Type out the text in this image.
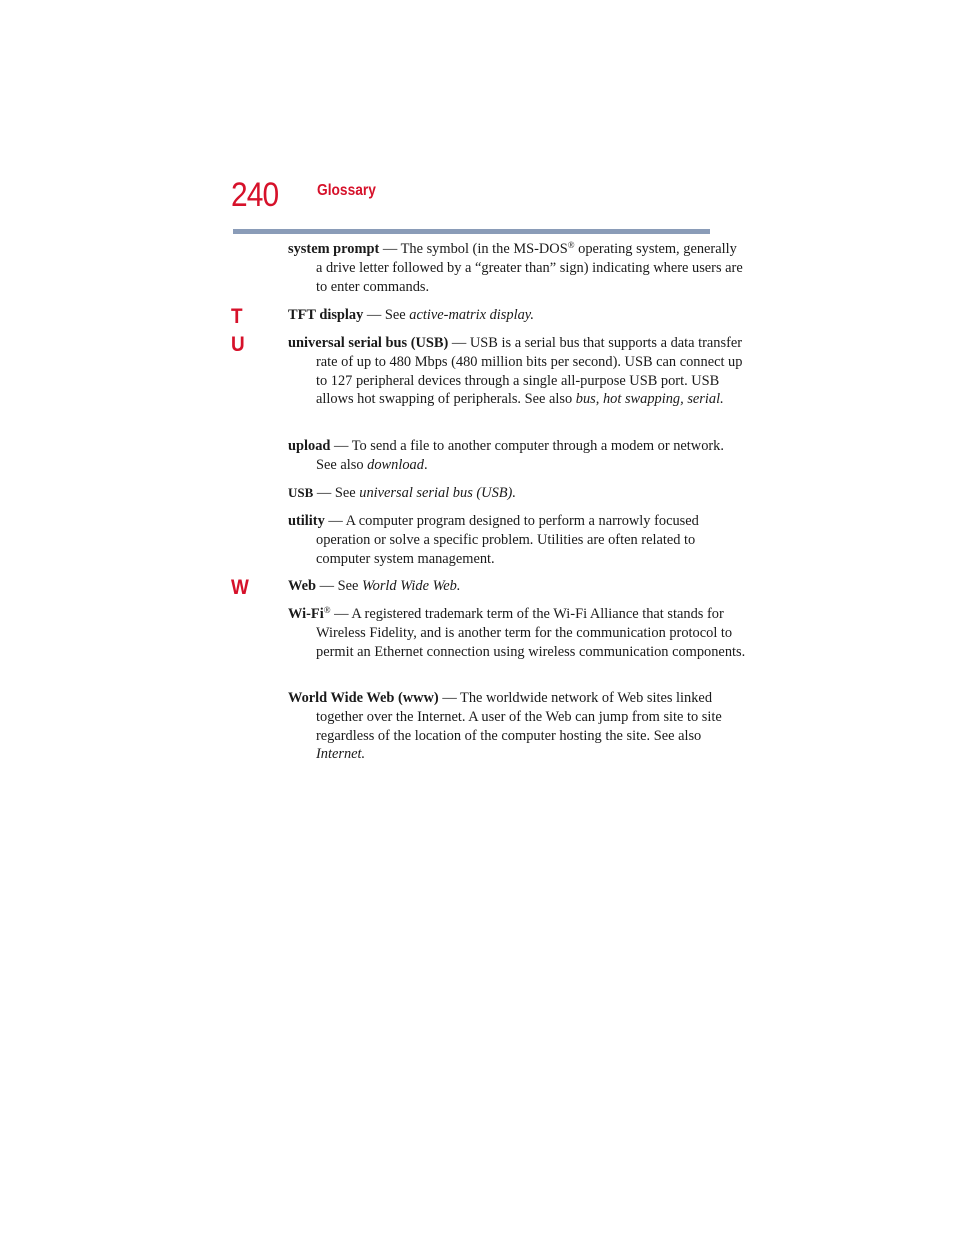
240 Glossary
system prompt — The symbol (in the MS-DOS® operating system, generally a drive letter followed by a “greater than” sign) indicating where users are to enter commands.
T	TFT display — See active-matrix display.
U	universal serial bus (USB) — USB is a serial bus that supports a data transfer rate of up to 480 Mbps (480 million bits per second). USB can connect up to 127 peripheral devices through a single all-purpose USB port. USB allows hot swapping of peripherals. See also bus, hot swapping, serial.
upload — To send a file to another computer through a modem or network. See also download.
USB — See universal serial bus (USB).
utility — A computer program designed to perform a narrowly focused operation or solve a specific problem. Utilities are often related to computer system management.
W	Web — See World Wide Web.
Wi-Fi® — A registered trademark term of the Wi-Fi Alliance that stands for Wireless Fidelity, and is another term for the communication protocol to permit an Ethernet connection using wireless communication components.
World Wide Web (www) — The worldwide network of Web sites linked together over the Internet. A user of the Web can jump from site to site regardless of the location of the computer hosting the site. See also Internet.
